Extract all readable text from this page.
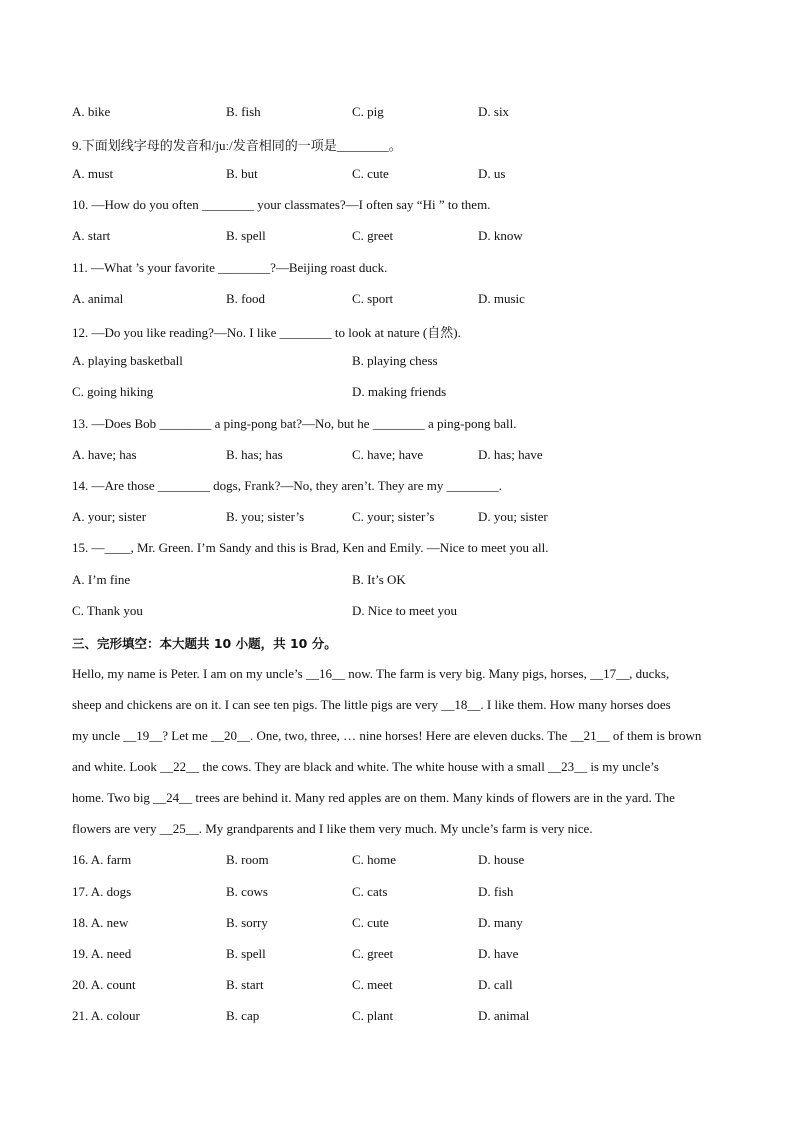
A. bike	B. fish	C. pig	D. six
9.下面划线字母的发音和/juː/发音相同的一项是________。
A. must	B. but	C. cute	D. us
10. —How do you often ________ your classmates?—I often say “Hi ” to them.
A. start	B. spell	C. greet	D. know
11. —What ’s your favorite ________?—Beijing roast duck.
A. animal	B. food	C. sport	D. music
12. —Do you like reading?—No. I like ________ to look at nature (自然).
A. playing basketball	B. playing chess
C. going hiking	D. making friends
13. —Does Bob ________ a ping-pong bat?—No, but he ________ a ping-pong ball.
A. have; has	B. has; has	C. have; have	D. has; have
14. —Are those ________ dogs, Frank?—No, they aren’t. They are my ________.
A. your; sister	B. you; sister’s	C. your; sister’s	D. you; sister
15. —____, Mr. Green. I’m Sandy and this is Brad, Ken and Emily. —Nice to meet you all.
A. I’m fine	B. It’s OK
C. Thank you	D. Nice to meet you
三、完形填空：本大题共 10 小题，共 10 分。
Hello, my name is Peter. I am on my uncle’s __16__ now. The farm is very big. Many pigs, horses, __17__, ducks,
sheep and chickens are on it. I can see ten pigs. The little pigs are very __18__. I like them. How many horses does
my uncle __19__? Let me __20__. One, two, three, … nine horses! Here are eleven ducks. The __21__ of them is brown
and white. Look __22__ the cows. They are black and white. The white house with a small __23__ is my uncle’s
home. Two big __24__ trees are behind it. Many red apples are on them. Many kinds of flowers are in the yard. The
flowers are very __25__. My grandparents and I like them very much. My uncle’s farm is very nice.
16. A. farm	B. room	C. home	D. house
17. A. dogs	B. cows	C. cats	D. fish
18. A. new	B. sorry	C. cute	D. many
19. A. need	B. spell	C. greet	D. have
20. A. count	B. start	C. meet	D. call
21. A. colour	B. cap	C. plant	D. animal
